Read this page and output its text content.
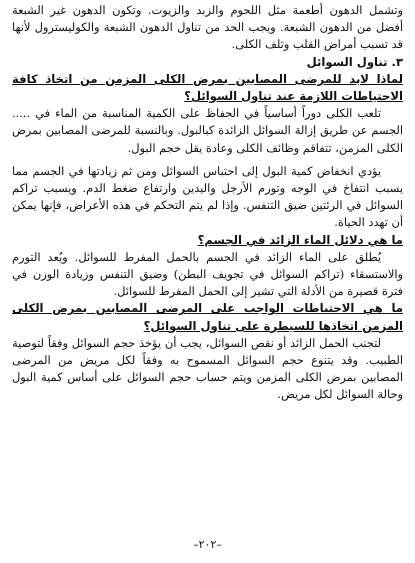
وتشمل الدهون أطعمة مثل اللحوم والزبد والزيوت. وتكون الدهون غير الشبعة أفضل من الدهون الشبعة. ويجب الحد من تناول الدهون الشبعة والكوليسترول لأنها قد تسبب أمراض القلب وتلف الكلى.

٣. تناول السوائل

لماذا لابد للمرضى المصابين بمرض الكلى المزمن من اتخاذ كافة الاحتياطات اللازمة عند تناول السوائل؟

تلعب الكلى دوراً أساسياً في الحفاظ على الكمية المناسبة من الماء في ..... الجسم عن طريق إزالة السوائل الزائدة كبالبول. وبالنسبة للمرضى المصابين بمرض الكلى المزمن، تتفاقم وظائف الكلى وعادة يقل حجم البول.

يؤدي انخفاض كمية البول إلى احتباس السوائل ومن ثم زيادتها في الجسم مما يسبب انتفاخ في الوجه وتورم الأرجل واليدين وارتفاع ضغط الدم. ويسبب تراكم السوائل في الرئتين ضيق التنفس. وإذا لم يتم التحكم في هذه الأعراض، فإنها يمكن أن تهدد الحياة.

ما هي دلائل الماء الزائد في الجسم؟

يُطلق على الماء الزائد في الجسم بالحمل المفرط للسوائل. ويُعد التورم والاستسقاء (تراكم السوائل في تجويف البطن) وضيق التنفس وزيادة الوزن في فترة قصيرة من الأدلة التي تشير إلى الحمل المفرط للسوائل.

ما هي الاحتياطات الواجب على المرضى المصابين بمرض الكلى المزمن اتخاذها للسيطرة على تناول السوائل؟

لتجنب الحمل الزائد أو نقص السوائل، يجب أن يؤخذ حجم السوائل وفقاً لتوصية الطبيب. وقد يتنوع حجم السوائل المسموح به وفقاً لكل مريض من المرضى المصابين بمرض الكلى المزمن ويتم حساب حجم السوائل على أساس كمية البول وحالة السوائل لكل مريض.

–٢٠٢–
